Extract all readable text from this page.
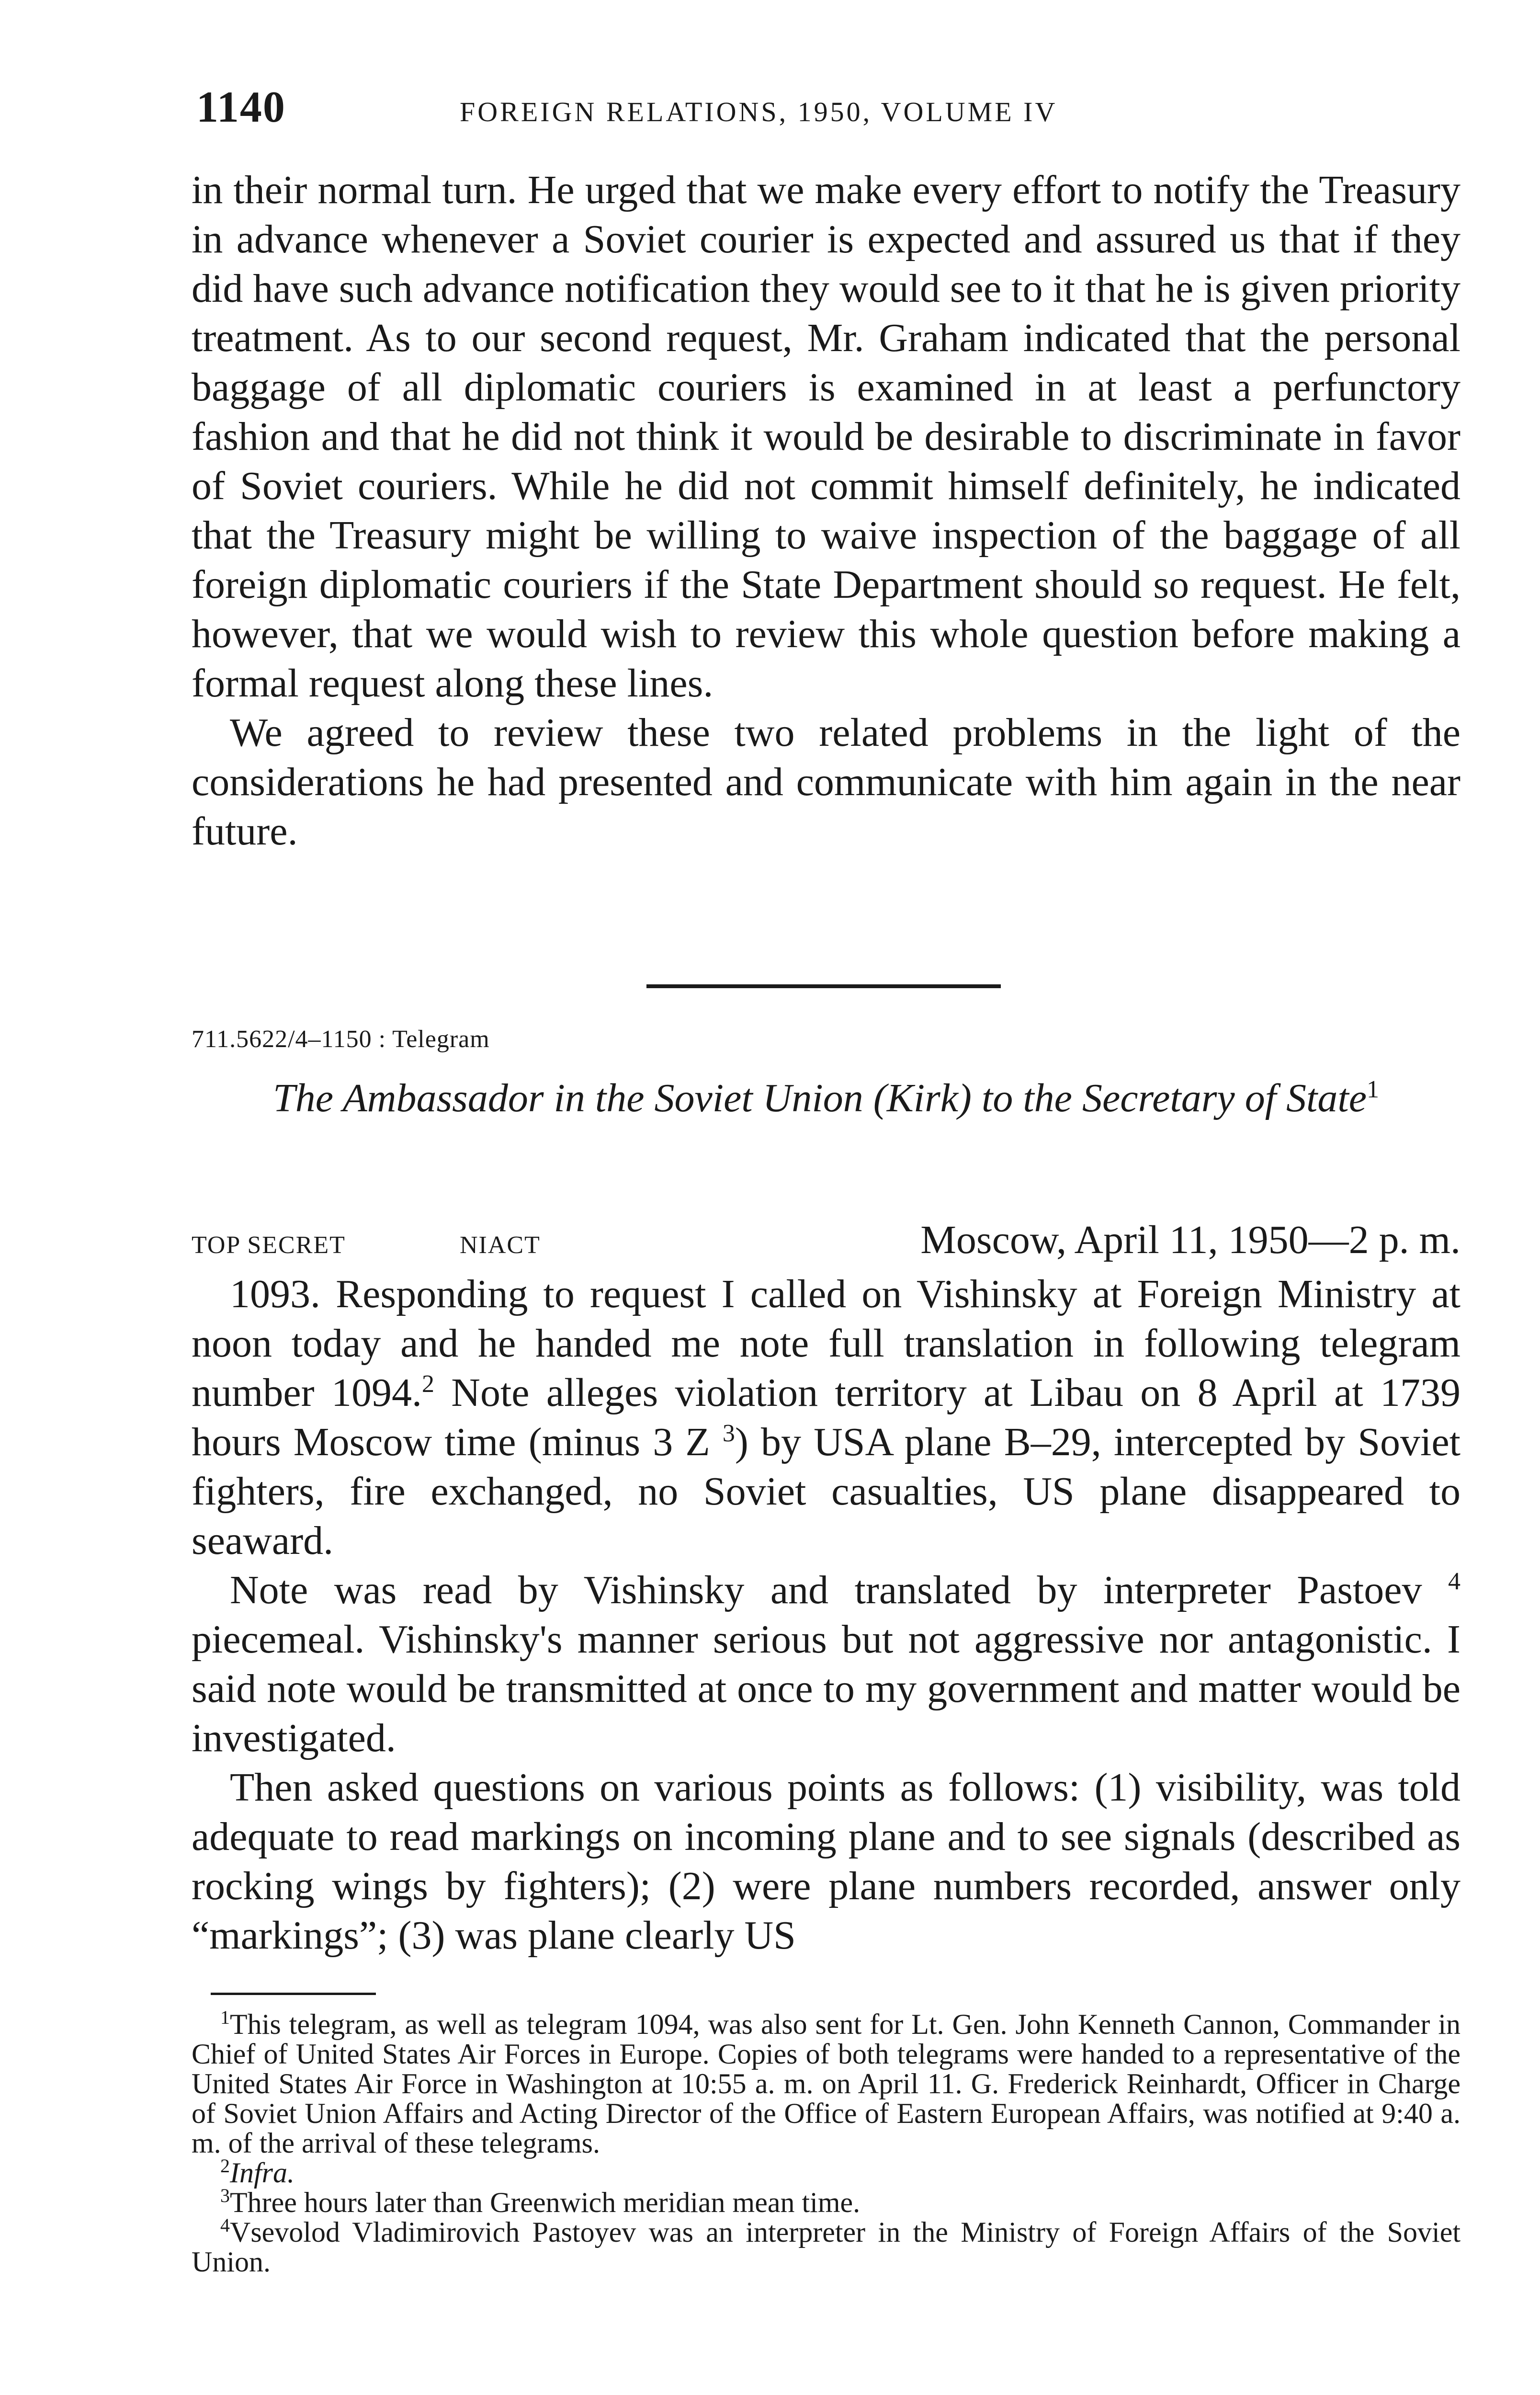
1140	FOREIGN RELATIONS, 1950, VOLUME IV

in their normal turn. He urged that we make every effort to notify the Treasury in advance whenever a Soviet courier is expected and assured us that if they did have such advance notification they would see to it that he is given priority treatment. As to our second request, Mr. Graham indicated that the personal baggage of all diplomatic couriers is examined in at least a perfunctory fashion and that he did not think it would be desirable to discriminate in favor of Soviet couriers. While he did not commit himself definitely, he indicated that the Treasury might be willing to waive inspection of the baggage of all foreign diplomatic couriers if the State Department should so request. He felt, however, that we would wish to review this whole question before making a formal request along these lines.

We agreed to review these two related problems in the light of the considerations he had presented and communicate with him again in the near future.

711.5622/4–1150 : Telegram

The Ambassador in the Soviet Union (Kirk) to the Secretary of State$^1$

TOP SECRET	NIACT	Moscow, April 11, 1950—2 p. m.

1093. Responding to request I called on Vishinsky at Foreign Ministry at noon today and he handed me note full translation in following telegram number 1094.$^2$ Note alleges violation territory at Libau on 8 April at 1739 hours Moscow time (minus 3 Z $^3$) by USA plane B–29, intercepted by Soviet fighters, fire exchanged, no Soviet casualties, US plane disappeared to seaward.

Note was read by Vishinsky and translated by interpreter Pastoev $^4$ piecemeal. Vishinsky's manner serious but not aggressive nor antagonistic. I said note would be transmitted at once to my government and matter would be investigated.

Then asked questions on various points as follows: (1) visibility, was told adequate to read markings on incoming plane and to see signals (described as rocking wings by fighters); (2) were plane numbers recorded, answer only “markings”; (3) was plane clearly US

$^1$This telegram, as well as telegram 1094, was also sent for Lt. Gen. John Kenneth Cannon, Commander in Chief of United States Air Forces in Europe. Copies of both telegrams were handed to a representative of the United States Air Force in Washington at 10:55 a. m. on April 11. G. Frederick Reinhardt, Officer in Charge of Soviet Union Affairs and Acting Director of the Office of Eastern European Affairs, was notified at 9:40 a. m. of the arrival of these telegrams.

$^2$Infra.

$^3$Three hours later than Greenwich meridian mean time.

$^4$Vsevolod Vladimirovich Pastoyev was an interpreter in the Ministry of Foreign Affairs of the Soviet Union.
